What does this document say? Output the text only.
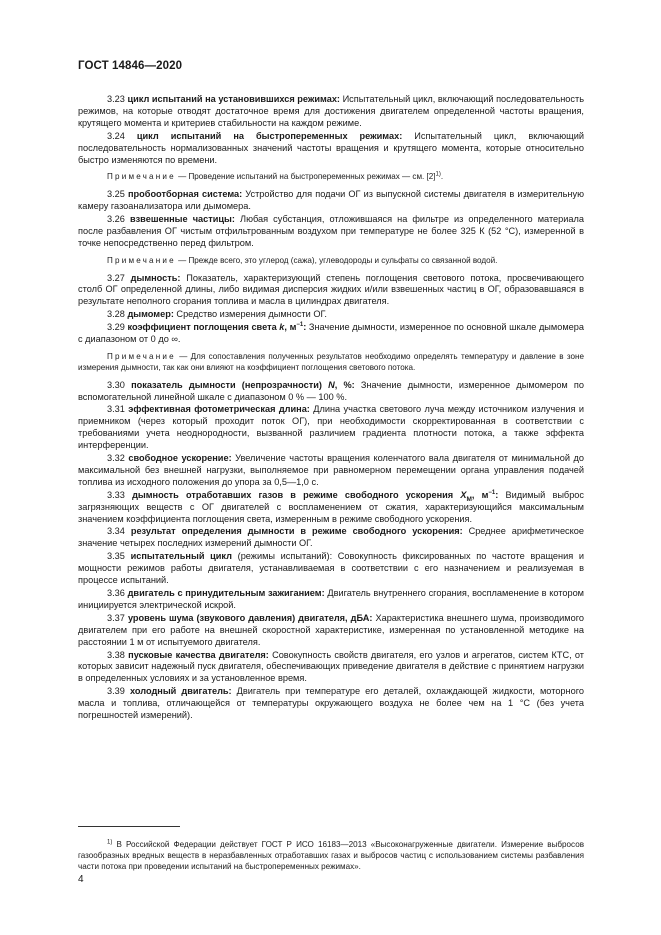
ГОСТ 14846—2020

3.23 цикл испытаний на установившихся режимах: Испытательный цикл, включающий последовательность режимов, на которые отводят достаточное время для достижения двигателем определенной частоты вращения, крутящего момента и критериев стабильности на каждом режиме.

3.24 цикл испытаний на быстропеременных режимах: Испытательный цикл, включающий последовательность нормализованных значений частоты вращения и крутящего момента, которые относительно быстро изменяются по времени.

Примечание — Проведение испытаний на быстропеременных режимах — см. $[2]^{1)}$.

3.25 пробоотборная система: Устройство для подачи ОГ из выпускной системы двигателя в измерительную камеру газоанализатора или дымомера.

3.26 взвешенные частицы: Любая субстанция, отложившаяся на фильтре из определенного материала после разбавления ОГ чистым отфильтрованным воздухом при температуре не более 325 К (52 °С), измеренной в точке непосредственно перед фильтром.

Примечание — Прежде всего, это углерод (сажа), углеводороды и сульфаты со связанной водой.

3.27 дымность: Показатель, характеризующий степень поглощения светового потока, просвечивающего столб ОГ определенной длины, либо видимая дисперсия жидких и/или взвешенных частиц в ОГ, образовавшаяся в результате неполного сгорания топлива и масла в цилиндрах двигателя.

3.28 дымомер: Средство измерения дымности ОГ.

3.29 коэффициент поглощения света k, $м^{-1}$: Значение дымности, измеренное по основной шкале дымомера с диапазоном от 0 до ∞.

Примечание — Для сопоставления полученных результатов необходимо определять температуру и давление в зоне измерения дымности, так как они влияют на коэффициент поглощения светового потока.

3.30 показатель дымности (непрозрачности) N, %: Значение дымности, измеренное дымомером по вспомогательной линейной шкале с диапазоном 0 % — 100 %.

3.31 эффективная фотометрическая длина: Длина участка светового луча между источником излучения и приемником (через который проходит поток ОГ), при необходимости скорректированная в соответствии с требованиями учета неоднородности, вызванной различием градиента плотности потока, а также эффекта интерференции.

3.32 свободное ускорение: Увеличение частоты вращения коленчатого вала двигателя от минимальной до максимальной без внешней нагрузки, выполняемое при равномерном перемещении органа управления подачей топлива из исходного положения до упора за 0,5—1,0 с.

3.33 дымность отработавших газов в режиме свободного ускорения $X_M$, $м^{-1}$: Видимый выброс загрязняющих веществ с ОГ двигателей с воспламенением от сжатия, характеризующийся максимальным значением коэффициента поглощения света, измеренным в режиме свободного ускорения.

3.34 результат определения дымности в режиме свободного ускорения: Среднее арифметическое значение четырех последних измерений дымности ОГ.

3.35 испытательный цикл (режимы испытаний): Совокупность фиксированных по частоте вращения и мощности режимов работы двигателя, устанавливаемая в соответствии с его назначением и реализуемая в процессе испытаний.

3.36 двигатель с принудительным зажиганием: Двигатель внутреннего сгорания, воспламенение в котором инициируется электрической искрой.

3.37 уровень шума (звукового давления) двигателя, дБА: Характеристика внешнего шума, производимого двигателем при его работе на внешней скоростной характеристике, измеренная по установленной методике на расстоянии 1 м от испытуемого двигателя.

3.38 пусковые качества двигателя: Совокупность свойств двигателя, его узлов и агрегатов, систем КТС, от которых зависит надежный пуск двигателя, обеспечивающих приведение двигателя в действие с принятием нагрузки в определенных условиях и за установленное время.

3.39 холодный двигатель: Двигатель при температуре его деталей, охлаждающей жидкости, моторного масла и топлива, отличающейся от температуры окружающего воздуха не более чем на 1 °С (без учета погрешностей измерений).

$^{1)}$ В Российской Федерации действует ГОСТ Р ИСО 16183—2013 «Высоконагруженные двигатели. Измерение выбросов газообразных вредных веществ в неразбавленных отработавших газах и выбросов частиц с использованием системы разбавления части потока при проведении испытаний на быстропеременных режимах».

4
